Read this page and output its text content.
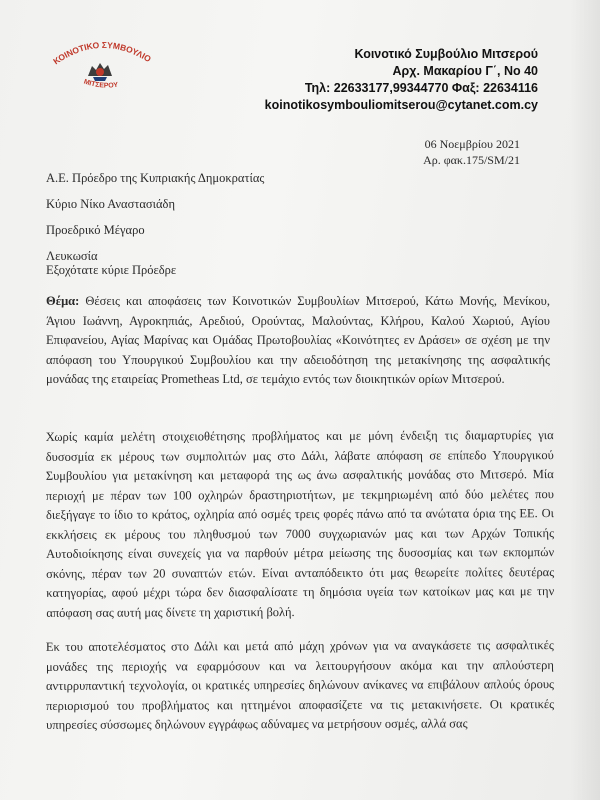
ΚΟΙΝΟΤΙΚΟ ΣΥΜΒΟΥΛΙΟ
ΜΙΤΣΕΡΟΥ
Κοινοτικό Συμβούλιο Μιτσερού
Αρχ. Μακαρίου Γ΄, Νο 40
Τηλ: 22633177,99344770 Φαξ: 22634116
koinotikosymbouliomitserou@cytanet.com.cy
06 Νοεμβρίου 2021
Αρ. φακ.175/SM/21
Α.Ε. Πρόεδρο της Κυπριακής Δημοκρατίας
Κύριο Νίκο Αναστασιάδη
Προεδρικό Μέγαρο
Λευκωσία
Εξοχότατε κύριε Πρόεδρε
Θέμα: Θέσεις και αποφάσεις των Κοινοτικών Συμβουλίων Μιτσερού, Κάτω Μονής, Μενίκου, Άγιου Ιωάννη, Αγροκηπιάς, Αρεδιού, Ορούντας, Μαλούντας, Κλήρου, Καλού Χωριού, Αγίου Επιφανείου, Αγίας Μαρίνας και Ομάδας Πρωτοβουλίας «Κοινότητες εν Δράσει» σε σχέση με την απόφαση του Υπουργικού Συμβουλίου και την αδειοδότηση της μετακίνησης της ασφαλτικής μονάδας της εταιρείας Prometheas Ltd, σε τεμάχιο εντός των διοικητικών ορίων Μιτσερού.
Χωρίς καμία μελέτη στοιχειοθέτησης προβλήματος και με μόνη ένδειξη τις διαμαρτυρίες για δυσοσμία εκ μέρους των συμπολιτών μας στο Δάλι, λάβατε απόφαση σε επίπεδο Υπουργικού Συμβουλίου για μετακίνηση και μεταφορά της ως άνω ασφαλτικής μονάδας στο Μιτσερό. Μία περιοχή με πέραν των 100 οχληρών δραστηριοτήτων, με τεκμηριωμένη από δύο μελέτες που διεξήγαγε το ίδιο το κράτος, οχληρία από οσμές τρεις φορές πάνω από τα ανώτατα όρια της ΕΕ. Οι εκκλήσεις εκ μέρους του πληθυσμού των 7000 συγχωριανών μας και των Αρχών Τοπικής Αυτοδιοίκησης είναι συνεχείς για να παρθούν μέτρα μείωσης της δυσοσμίας και των εκπομπών σκόνης, πέραν των 20 συναπτών ετών. Είναι ανταπόδεικτο ότι μας θεωρείτε πολίτες δευτέρας κατηγορίας, αφού μέχρι τώρα δεν διασφαλίσατε τη δημόσια υγεία των κατοίκων μας και με την απόφαση σας αυτή μας δίνετε τη χαριστική βολή.
Εκ του αποτελέσματος στο Δάλι και μετά από μάχη χρόνων για να αναγκάσετε τις ασφαλτικές μονάδες της περιοχής να εφαρμόσουν και να λειτουργήσουν ακόμα και την απλούστερη αντιρρυπαντική τεχνολογία, οι κρατικές υπηρεσίες δηλώνουν ανίκανες να επιβάλουν απλούς όρους περιορισμού του προβλήματος και ηττημένοι αποφασίζετε να τις μετακινήσετε. Οι κρατικές υπηρεσίες σύσσωμες δηλώνουν εγγράφως αδύναμες να μετρήσουν οσμές, αλλά σας
